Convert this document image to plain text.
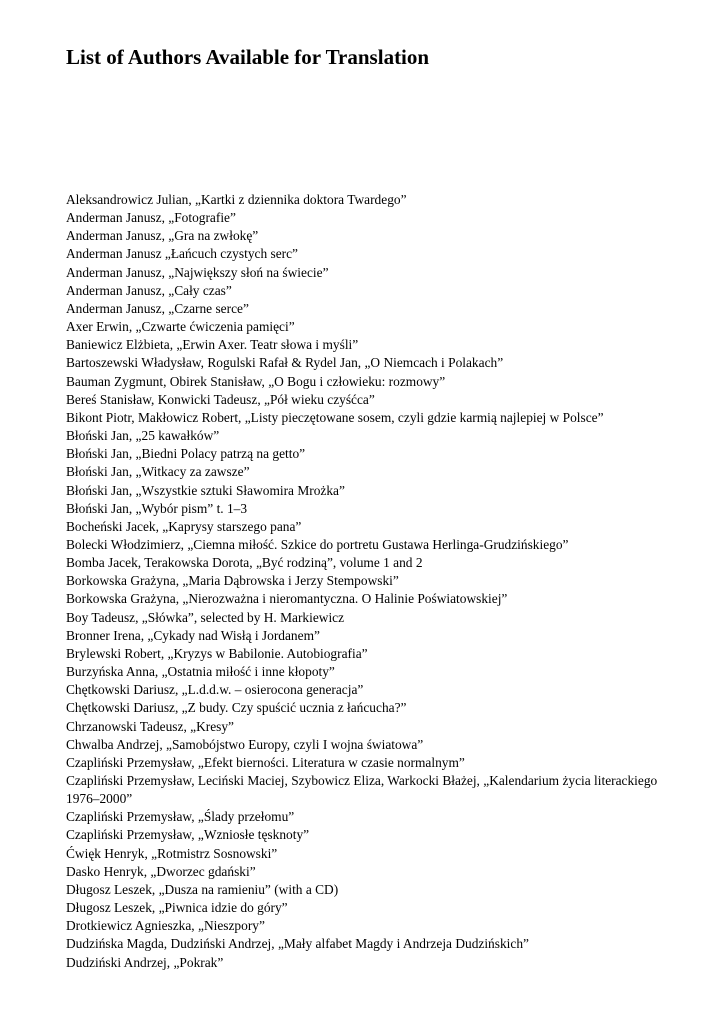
List of Authors Available for Translation
Aleksandrowicz Julian, „Kartki z dziennika doktora Twardego”
Anderman Janusz, „Fotografie”
Anderman Janusz, „Gra na zwłokę”
Anderman Janusz „Łańcuch czystych serc”
Anderman Janusz, „Największy słoń na świecie”
Anderman Janusz, „Cały czas”
Anderman Janusz, „Czarne serce”
Axer Erwin, „Czwarte ćwiczenia pamięci”
Baniewicz Elżbieta, „Erwin Axer. Teatr słowa i myśli”
Bartoszewski Władysław, Rogulski Rafał & Rydel Jan, „O Niemcach i Polakach”
Bauman Zygmunt, Obirek Stanisław, „O Bogu i człowieku: rozmowy”
Bereś Stanisław, Konwicki Tadeusz, „Pół wieku czyśćca”
Bikont Piotr, Makłowicz Robert, „Listy pieczętowane sosem, czyli gdzie karmią najlepiej w Polsce”
Błoński Jan, „25 kawałków”
Błoński Jan, „Biedni Polacy patrzą na getto”
Błoński Jan, „Witkacy za zawsze”
Błoński Jan, „Wszystkie sztuki Sławomira Mrożka”
Błoński Jan, „Wybór pism” t. 1–3
Bocheński Jacek, „Kaprysy starszego pana”
Bolecki Włodzimierz, „Ciemna miłość. Szkice do portretu Gustawa Herlinga-Grudzińskiego”
Bomba Jacek, Terakowska Dorota, „Być rodziną”, volume 1 and 2
Borkowska Grażyna, „Maria Dąbrowska i Jerzy Stempowski”
Borkowska Grażyna, „Nierozważna i nieromantyczna. O Halinie Poświatowskiej”
Boy Tadeusz, „Słówka”, selected by H. Markiewicz
Bronner Irena, „Cykady nad Wisłą i Jordanem”
Brylewski Robert, „Kryzys w Babilonie. Autobiografia”
Burzyńska Anna, „Ostatnia miłość i inne kłopoty”
Chętkowski Dariusz, „L.d.d.w. – osierocona generacja”
Chętkowski Dariusz, „Z budy. Czy spuścić ucznia z łańcucha?”
Chrzanowski Tadeusz, „Kresy”
Chwalba Andrzej, „Samobójstwo Europy, czyli I wojna światowa”
Czapliński Przemysław, „Efekt bierności. Literatura w czasie normalnym”
Czapliński Przemysław, Leciński Maciej, Szybowicz Eliza, Warkocki Błażej, „Kalendarium życia literackiego 1976–2000”
Czapliński Przemysław, „Ślady przełomu”
Czapliński Przemysław, „Wzniosłe tęsknoty”
Ćwięk Henryk, „Rotmistrz Sosnowski”
Dasko Henryk, „Dworzec gdański”
Długosz Leszek, „Dusza na ramieniu” (with a CD)
Długosz Leszek, „Piwnica idzie do góry”
Drotkiewicz Agnieszka, „Nieszpory”
Dudzińska Magda, Dudziński Andrzej, „Mały alfabet Magdy i Andrzeja Dudzińskich”
Dudziński Andrzej, „Pokrak”
